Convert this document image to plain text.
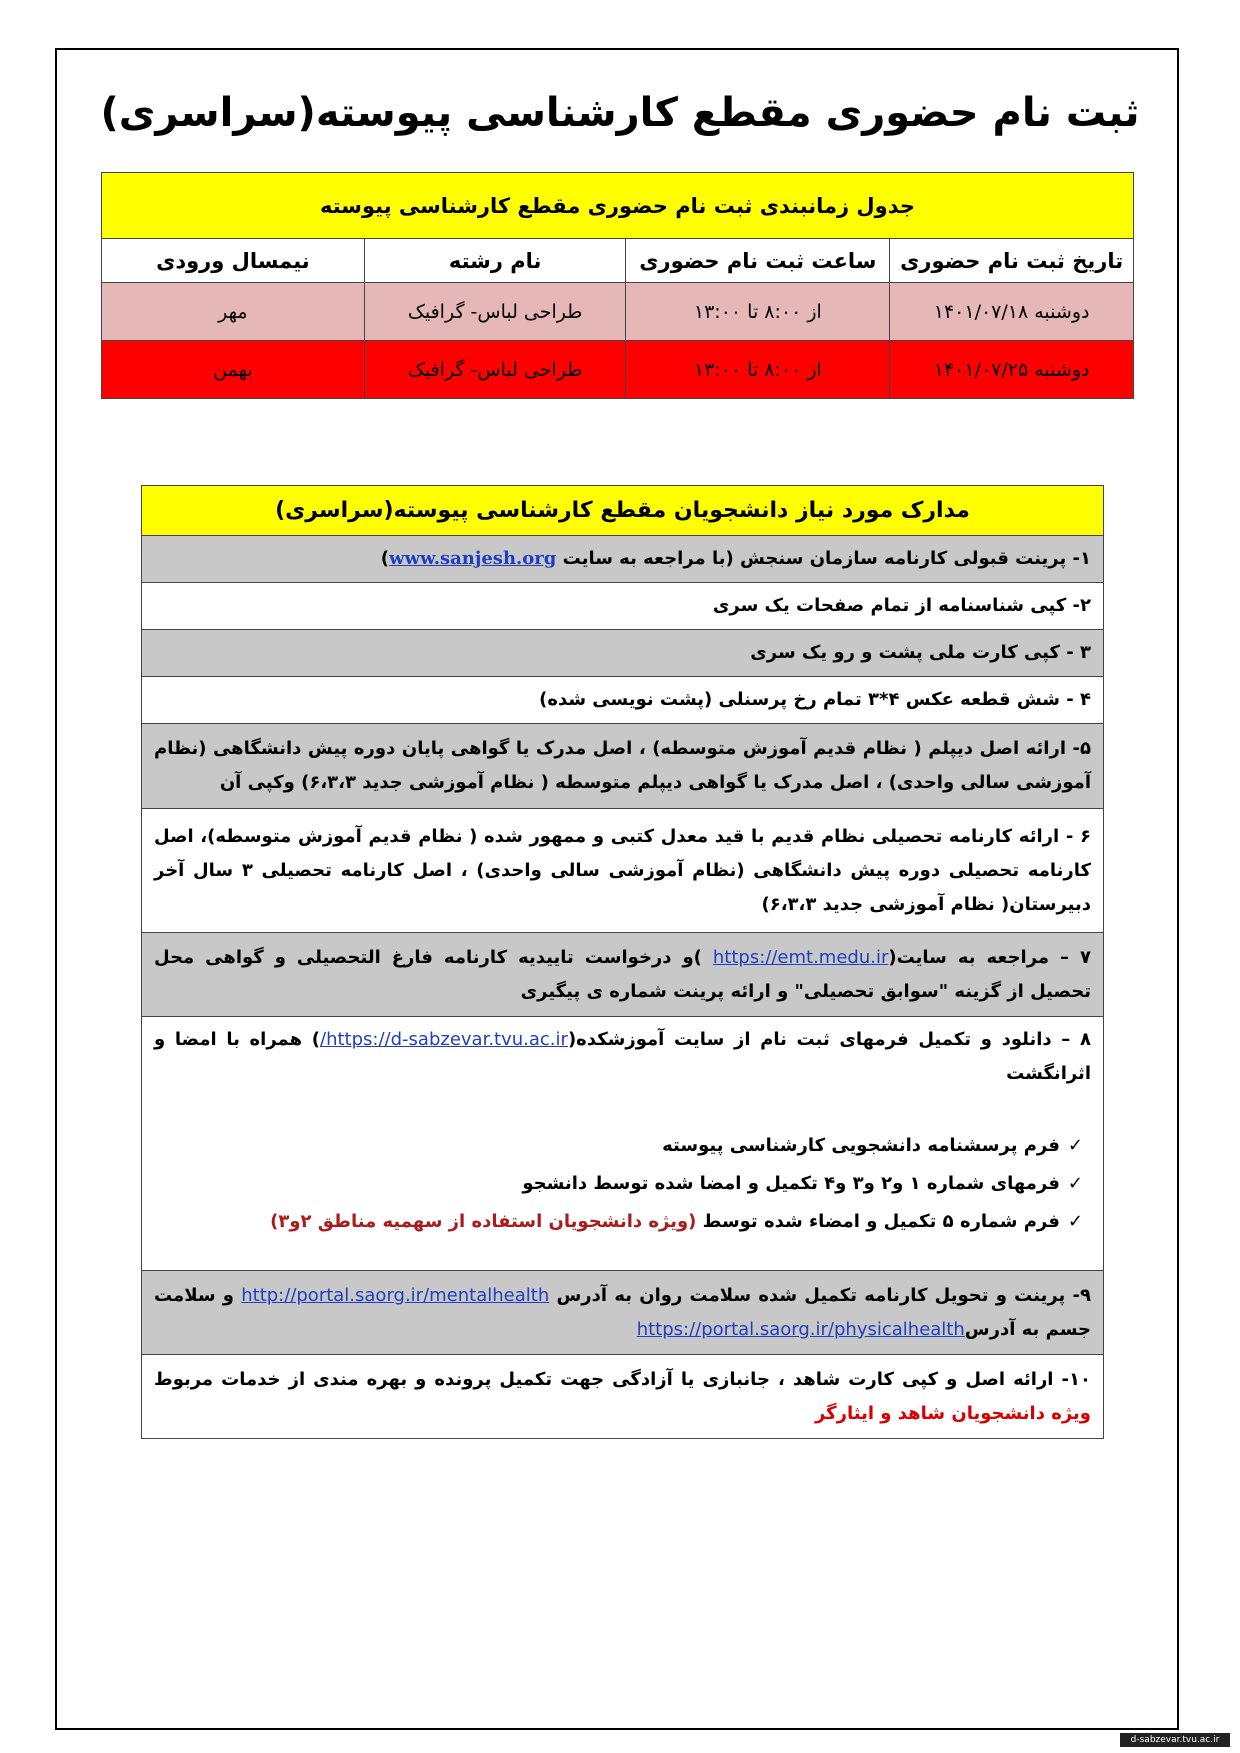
ثبت نام حضوری مقطع کارشناسی پیوسته(سراسری)
جدول زمانبندی ثبت نام حضوری مقطع کارشناسی پیوسته			
تاریخ ثبت نام حضوری	ساعت ثبت نام حضوری	نام رشته	نیمسال ورودی
دوشنبه ۱۴۰۱/۰۷/۱۸	از ۸:۰۰ تا ۱۳:۰۰	طراحی لباس- گرافیک	مهر
دوشنبه ۱۴۰۱/۰۷/۲۵	از ۸:۰۰ تا ۱۳:۰۰	طراحی لباس- گرافیک	بهمن
مدارک مورد نیاز دانشجویان مقطع کارشناسی پیوسته(سراسری)
۱- پرینت قبولی کارنامه سازمان سنجش (با مراجعه به سایت www.sanjesh.org)
۲- کپی شناسنامه از تمام صفحات یک سری
۳ - کپی کارت ملی پشت و رو یک سری
۴ - شش قطعه عکس ۴*۳ تمام رخ پرسنلی (پشت نویسی شده)
۵- ارائه اصل دیپلم ( نظام قدیم آموزش متوسطه) ، اصل مدرک یا گواهی پایان دوره پیش دانشگاهی (نظام آموزشی سالی واحدی) ، اصل مدرک یا گواهی دیپلم متوسطه ( نظام آموزشی جدید ۶،۳،۳) وکپی آن
۶ - ارائه کارنامه تحصیلی نظام قدیم با قید معدل کتبی و ممهور شده ( نظام قدیم آموزش متوسطه)، اصل کارنامه تحصیلی دوره پیش دانشگاهی (نظام آموزشی سالی واحدی) ، اصل کارنامه تحصیلی ۳ سال آخر دبیرستان( نظام آموزشی جدید ۶،۳،۳)
۷ – مراجعه به سایت(https://emt.medu.ir )و درخواست تاییدیه کارنامه فارغ التحصیلی و گواهی محل تحصیل از گزینه "سوابق تحصیلی" و ارائه پرینت شماره ی پیگیری

۸ – دانلود و تکمیل فرمهای ثبت نام از سایت آموزشکده(https://d-sabzevar.tvu.ac.ir/) همراه با امضا و اثرانگشت
✓فرم پرسشنامه دانشجویی کارشناسی پیوسته
✓فرمهای شماره ۱ و۲ و۳ و۴ تکمیل و امضا شده توسط دانشجو
✓فرم شماره ۵ تکمیل و امضاء شده توسط (ویژه دانشجویان استفاده از سهمیه مناطق ۲و۳)

۹- پرینت و تحویل کارنامه تکمیل شده سلامت روان به آدرس http://portal.saorg.ir/mentalhealth و سلامت جسم به آدرسhttps://portal.saorg.ir/physicalhealth
۱۰- ارائه اصل و کپی کارت شاهد ، جانبازی یا آزادگی جهت تکمیل پرونده و بهره مندی از خدمات مربوط ویژه دانشجویان شاهد و ایثارگر
d-sabzevar.tvu.ac.ir
